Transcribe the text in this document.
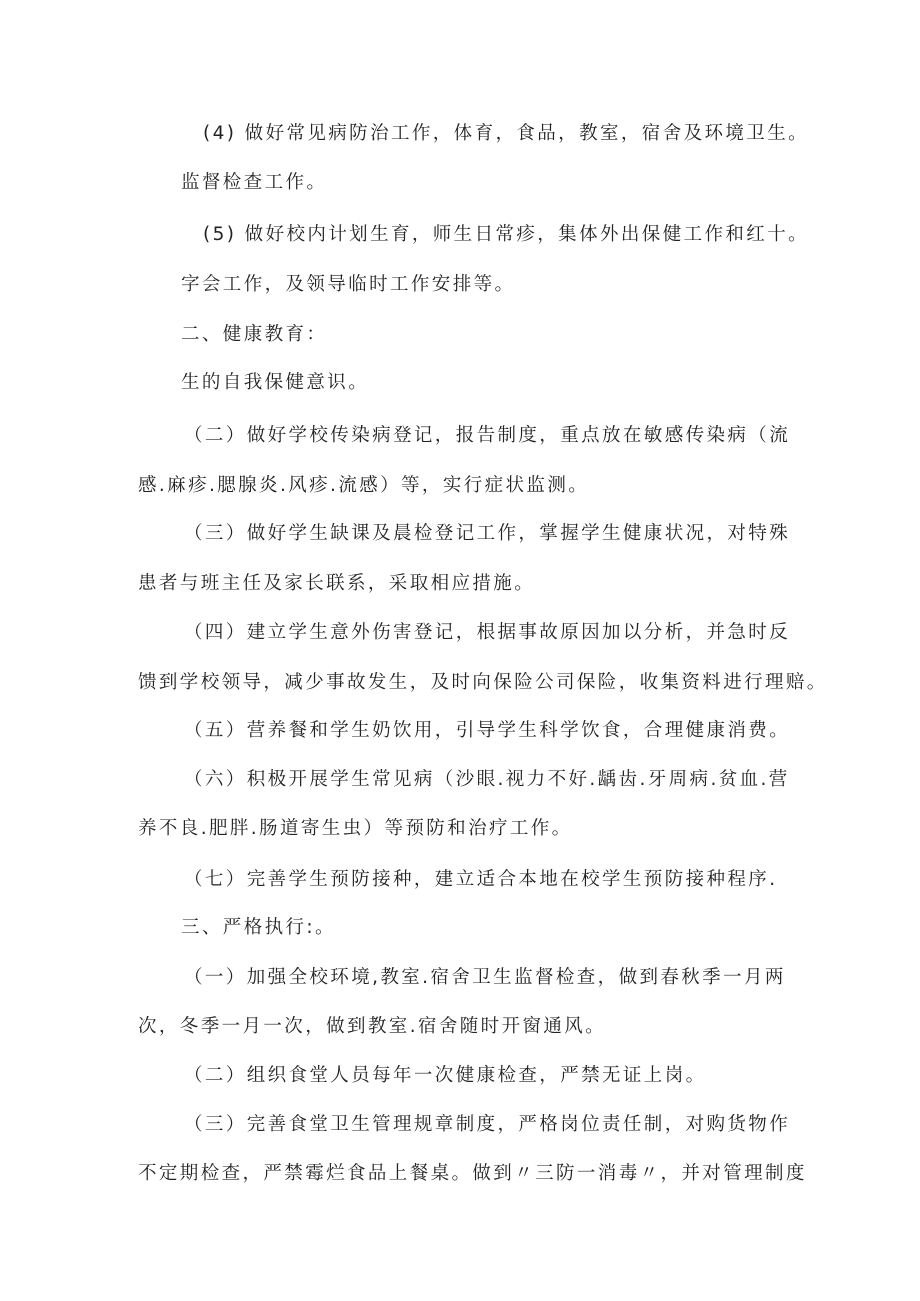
(4) 做好常见病防治工作，体育，食品，教室，宿舍及环境卫生。
监督检查工作。
(5) 做好校内计划生育，师生日常疹，集体外出保健工作和红十。
字会工作，及领导临时工作安排等。
二、健康教育：
生的自我保健意识。
（二）做好学校传染病登记，报告制度，重点放在敏感传染病（流
感.麻疹.腮腺炎.风疹.流感）等，实行症状监测。
（三）做好学生缺课及晨检登记工作，掌握学生健康状况，对特殊
患者与班主任及家长联系，采取相应措施。
（四）建立学生意外伤害登记，根据事故原因加以分析，并急时反
馈到学校领导，减少事故发生，及时向保险公司保险，收集资料进行理赔。
（五）营养餐和学生奶饮用，引导学生科学饮食，合理健康消费。
（六）积极开展学生常见病（沙眼.视力不好.龋齿.牙周病.贫血.营
养不良.肥胖.肠道寄生虫）等预防和治疗工作。
（七）完善学生预防接种，建立适合本地在校学生预防接种程序.
三、严格执行:。
（一）加强全校环境,教室.宿舍卫生监督检查，做到春秋季一月两
次，冬季一月一次，做到教室.宿舍随时开窗通风。
（二）组织食堂人员每年一次健康检查，严禁无证上岗。
（三）完善食堂卫生管理规章制度，严格岗位责任制，对购货物作
不定期检查，严禁霉烂食品上餐桌。做到〃三防一消毒〃，并对管理制度
